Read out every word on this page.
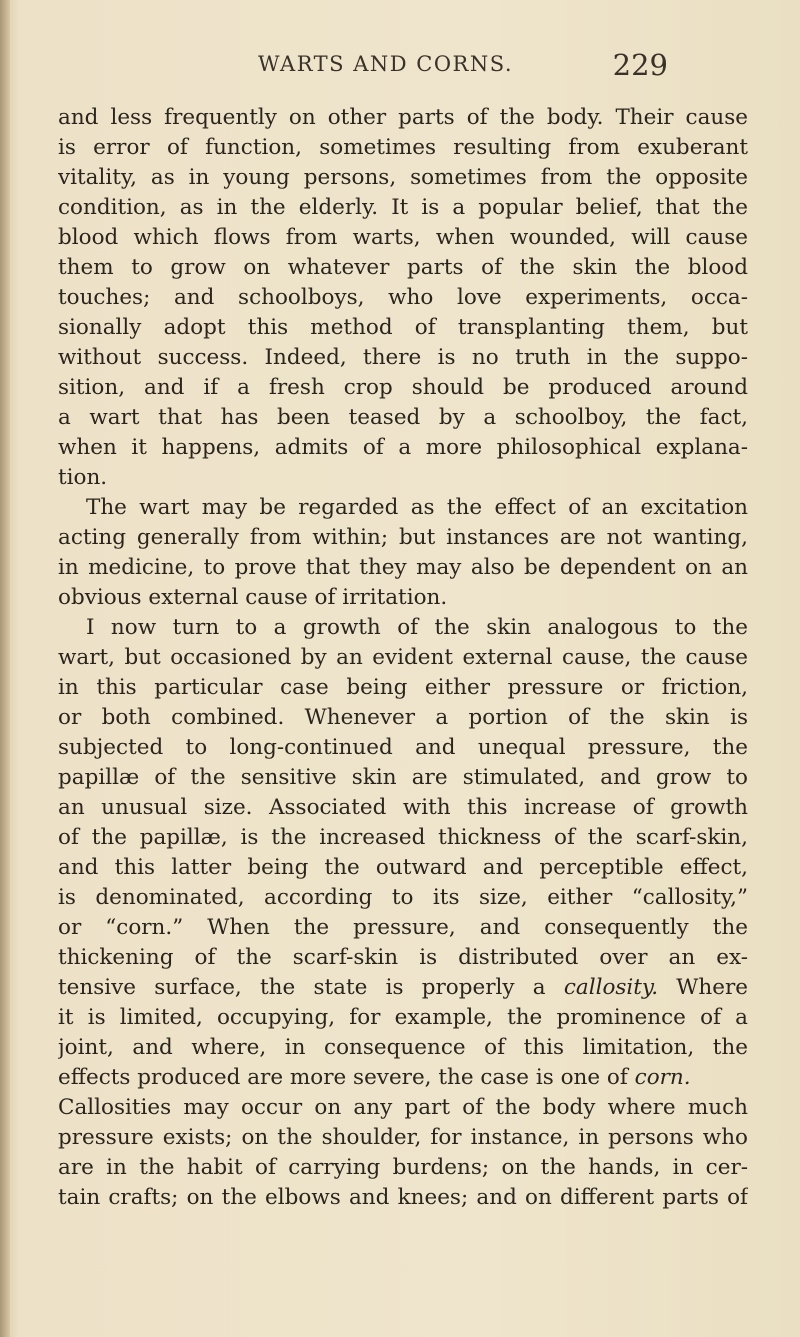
WARTS AND CORNS.	229
and less frequently on other parts of the body. Their cause
is error of function, sometimes resulting from exuberant
vitality, as in young persons, sometimes from the opposite
condition, as in the elderly. It is a popular belief, that the
blood which flows from warts, when wounded, will cause
them to grow on whatever parts of the skin the blood
touches; and schoolboys, who love experiments, occa-
sionally adopt this method of transplanting them, but
without success. Indeed, there is no truth in the suppo-
sition, and if a fresh crop should be produced around
a wart that has been teased by a schoolboy, the fact,
when it happens, admits of a more philosophical explana-
tion.
The wart may be regarded as the effect of an excitation
acting generally from within; but instances are not wanting,
in medicine, to prove that they may also be dependent on an
obvious external cause of irritation.
I now turn to a growth of the skin analogous to the
wart, but occasioned by an evident external cause, the cause
in this particular case being either pressure or friction,
or both combined. Whenever a portion of the skin is
subjected to long-continued and unequal pressure, the
papillæ of the sensitive skin are stimulated, and grow to
an unusual size. Associated with this increase of growth
of the papillæ, is the increased thickness of the scarf-skin,
and this latter being the outward and perceptible effect,
is denominated, according to its size, either “callosity,”
or “corn.” When the pressure, and consequently the
thickening of the scarf-skin is distributed over an ex-
tensive surface, the state is properly a callosity. Where
it is limited, occupying, for example, the prominence of a
joint, and where, in consequence of this limitation, the
effects produced are more severe, the case is one of corn.
Callosities may occur on any part of the body where much
pressure exists; on the shoulder, for instance, in persons who
are in the habit of carrying burdens; on the hands, in cer-
tain crafts; on the elbows and knees; and on different parts of
